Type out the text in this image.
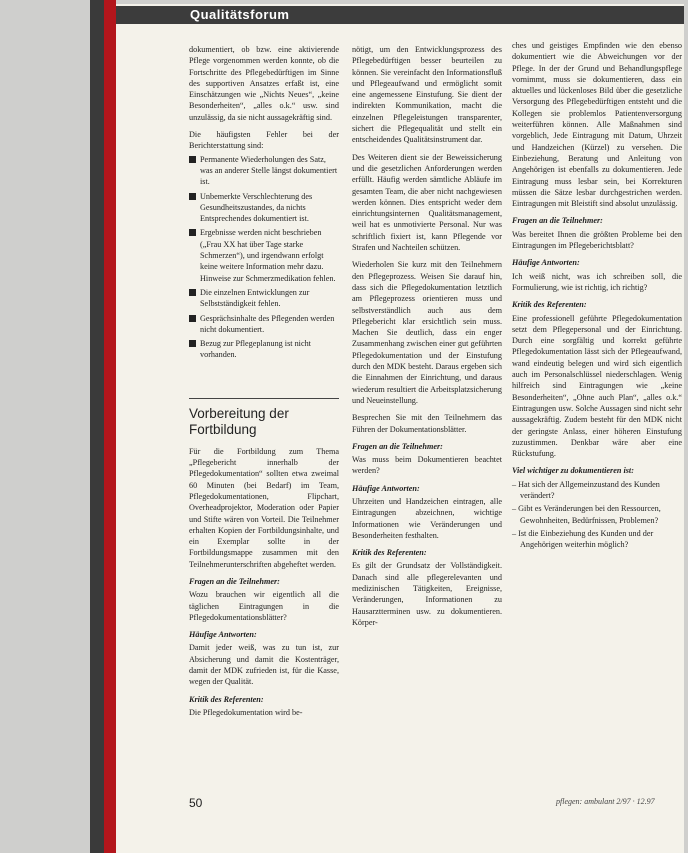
Qualitätsforum

dokumentiert, ob bzw. eine aktivierende Pflege vorgenommen werden konnte, ob die Fortschritte des Pflegebedürftigen im Sinne des supportiven Ansatzes erfaßt ist, eine Einschätzungen wie „Nichts Neues“, „keine Besonderheiten“, „alles o.k.“ usw. sind unzulässig, da sie nicht aussagekräftig sind.

Die häufigsten Fehler bei der Berichterstattung sind:

Permanente Wiederholungen des Satz, was an anderer Stelle längst dokumentiert ist.
Unbemerkte Verschlechterung des Gesundheitszustandes, da nichts Entsprechendes dokumentiert ist.
Ergebnisse werden nicht beschrieben („Frau XX hat über Tage starke Schmerzen“), und irgendwann erfolgt keine weitere Information mehr dazu. Hinweise zur Schmerzmedikation fehlen.
Die einzelnen Entwicklungen zur Selbstständigkeit fehlen.
Gesprächsinhalte des Pflegenden werden nicht dokumentiert.
Bezug zur Pflegeplanung ist nicht vorhanden.
Vorbereitung der Fortbildung

Für die Fortbildung zum Thema „Pflegebericht innerhalb der Pflegedokumentation“ sollten etwa zweimal 60 Minuten (bei Bedarf) im Team, Pflegedokumentationen, Flipchart, Overheadprojektor, Moderation oder Papier und Stifte wären von Vorteil. Die Teilnehmer erhalten Kopien der Fortbildungsinhalte, und ein Exemplar sollte in der Fortbildungsmappe zusammen mit den Teilnehmerunterschriften abgeheftet werden.

Fragen an die Teilnehmer:

Wozu brauchen wir eigentlich all die täglichen Eintragungen in die Pflegedokumentationsblätter?

Häufige Antworten:

Damit jeder weiß, was zu tun ist, zur Absicherung und damit die Kostenträger, damit der MDK zufrieden ist, für die Kasse, wegen der Qualität.

Kritik des Referenten:

Die Pflegedokumentation wird be-

nötigt, um den Entwicklungsprozess des Pflegebedürftigen besser beurteilen zu können. Sie vereinfacht den Informationsfluß und Pflegeaufwand und ermöglicht somit eine angemessene Einstufung. Sie dient der indirekten Kommunikation, macht die einzelnen Pflegeleistungen transparenter, sichert die Pflegequalität und stellt ein entscheidendes Qualitätsinstrument dar.

Des Weiteren dient sie der Beweissicherung und die gesetzlichen Anforderungen werden erfüllt. Häufig werden sämtliche Abläufe im gesamten Team, die aber nicht nachgewiesen werden können. Dies entspricht weder dem einrichtungsinternen Qualitätsmanagement, weil hat es unmotivierte Personal. Nur was schriftlich fixiert ist, kann Pflegende vor Strafen und Nachteilen schützen.

Wiederholen Sie kurz mit den Teilnehmern den Pflegeprozess. Weisen Sie darauf hin, dass sich die Pflegedokumentation letztlich am Pflegeprozess orientieren muss und selbstverständlich auch aus dem Pflegebericht klar ersichtlich sein muss. Machen Sie deutlich, dass ein enger Zusammenhang zwischen einer gut geführten Pflegedokumentation und der Einstufung durch den MDK besteht. Daraus ergeben sich die Einnahmen der Einrichtung, und daraus wiederum resultiert die Arbeitsplatzsicherung und Neueinstellung.

Besprechen Sie mit den Teilnehmern das Führen der Dokumentationsblätter.

Fragen an die Teilnehmer:

Was muss beim Dokumentieren beachtet werden?

Häufige Antworten:

Uhrzeiten und Handzeichen eintragen, alle Eintragungen abzeichnen, wichtige Informationen wie Veränderungen und Besonderheiten festhalten.

Kritik des Referenten:

Es gilt der Grundsatz der Vollständigkeit. Danach sind alle pflegerelevanten und medizinischen Tätigkeiten, Ereignisse, Veränderungen, Informationen zu Hausarztterminen usw. zu dokumentieren. Körper-

ches und geistiges Empfinden wie den ebenso dokumentiert wie die Abweichungen vor der Pflege. In der der Grund und Behandlungspflege vornimmt, muss sie dokumentieren, dass ein aktuelles und lückenloses Bild über die gesetzliche Versorgung des Pflegebedürftigen entsteht und die Kollegen sie problemlos Patientenversorgung weiterführen können. Alle Maßnahmen sind vorgeblich, Jede Eintragung mit Datum, Uhrzeit und Handzeichen (Kürzel) zu versehen. Die Einbeziehung, Beratung und Anleitung von Angehörigen ist ebenfalls zu dokumentieren. Jede Eintragung muss lesbar sein, bei Korrekturen müssen die Sätze lesbar durchgestrichen werden. Eintragungen mit Bleistift sind absolut unzulässig.

Fragen an die Teilnehmer:

Was bereitet Ihnen die größten Probleme bei den Eintragungen im Pflegeberichtsblatt?

Häufige Antworten:

Ich weiß nicht, was ich schreiben soll, die Formulierung, wie ist richtig, ich richtig?

Kritik des Referenten:

Eine professionell geführte Pflegedokumentation setzt dem Pflegepersonal und der Einrichtung. Durch eine sorgfältig und korrekt geführte Pflegedokumentation lässt sich der Pflegeaufwand, wand eindeutig belegen und wird sich eigentlich auch im Personalschlüssel niederschlagen. Wenig hilfreich sind Eintragungen wie „keine Besonderheiten“, „Ohne auch Plan“, „alles o.k.“ Eintragungen usw. Solche Aussagen sind nicht sehr aussagekräftig. Zudem besteht für den MDK nicht der geringste Anlass, einer höheren Einstufung zuzustimmen. Denkbar wäre aber eine Rückstufung.

Viel wichtiger zu dokumentieren ist:
– Hat sich der Allgemeinzustand des Kunden verändert?
– Gibt es Veränderungen bei den Ressourcen, Gewohnheiten, Bedürfnissen, Problemen?
– Ist die Einbeziehung des Kunden und der Angehörigen weiterhin möglich?
50	pflegen: ambulant 2/97 · 12.97
